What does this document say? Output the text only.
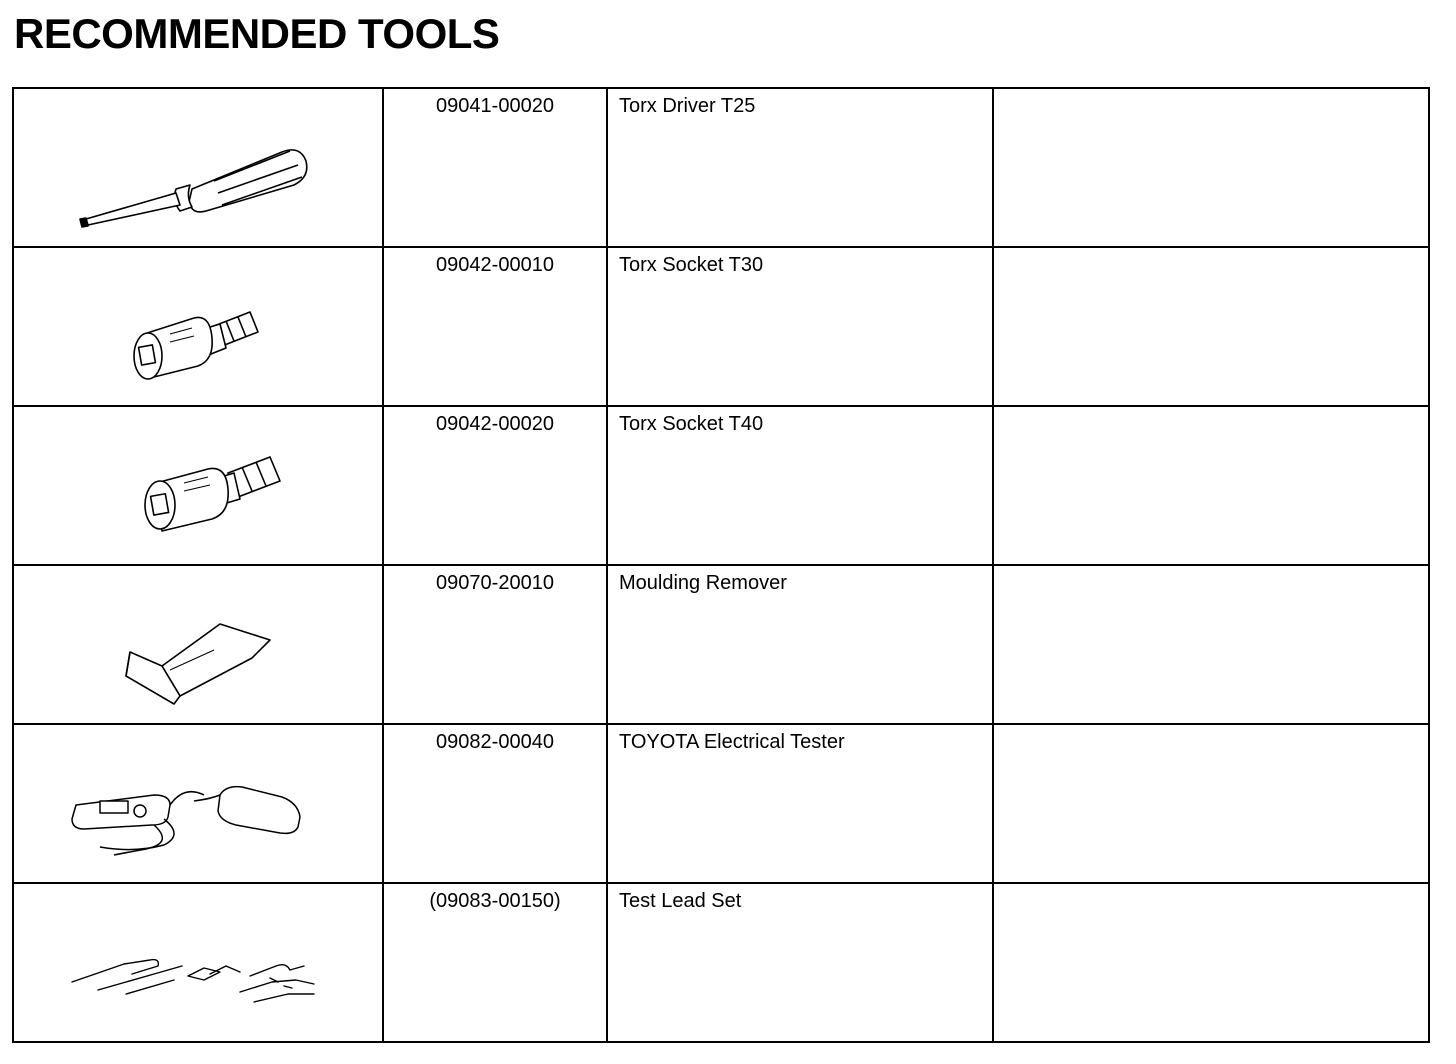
RECOMMENDED TOOLS

09041-00020	Torx Driver T25	

09042-00010	Torx Socket T30	

09042-00020	Torx Socket T40	

09070-20010	Moulding Remover	

09082-00040	TOYOTA Electrical Tester	

(09083-00150)	Test Lead Set	
